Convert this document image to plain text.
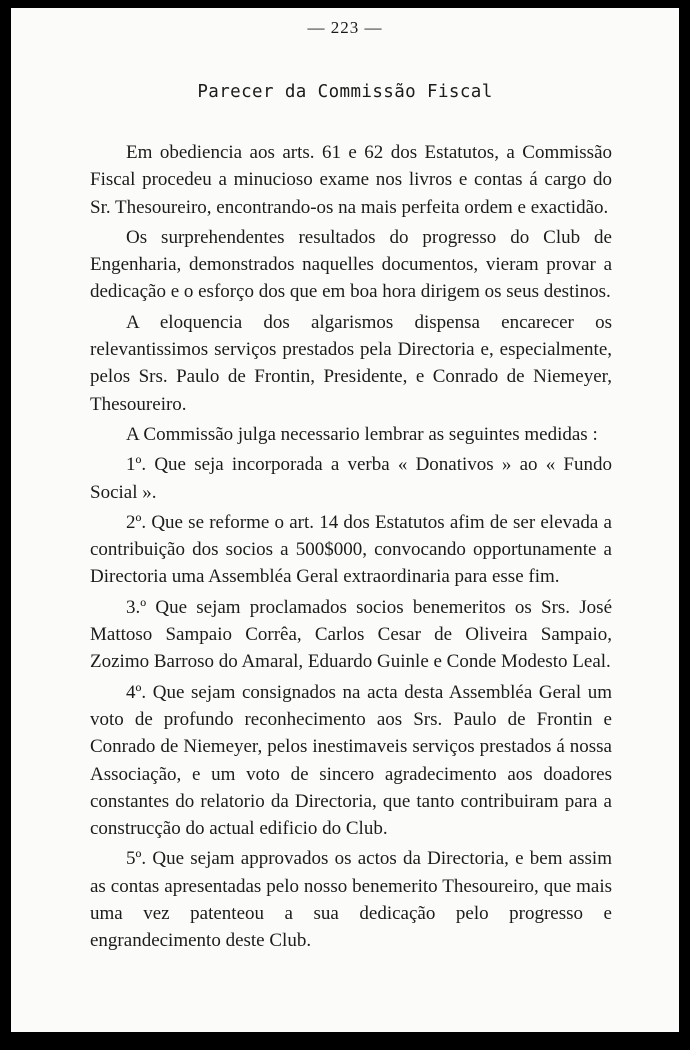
— 223 —
Parecer da Commissão Fiscal

Em obediencia aos arts. 61 e 62 dos Estatutos, a Commissão Fiscal procedeu a minucioso exame nos livros e contas á cargo do Sr. Thesoureiro, encontrando-os na mais perfeita ordem e exactidão.

Os surprehendentes resultados do progresso do Club de Engenharia, demonstrados naquelles documentos, vieram provar a dedicação e o esforço dos que em boa hora dirigem os seus destinos.

A eloquencia dos algarismos dispensa encarecer os relevantissimos serviços prestados pela Directoria e, especialmente, pelos Srs. Paulo de Frontin, Presidente, e Conrado de Niemeyer, Thesoureiro.

A Commissão julga necessario lembrar as seguintes medidas :

1º. Que seja incorporada a verba « Donativos » ao « Fundo Social ».

2º. Que se reforme o art. 14 dos Estatutos afim de ser elevada a contribuição dos socios a 500$000, convocando opportunamente a Directoria uma Assembléa Geral extraordinaria para esse fim.

3.º Que sejam proclamados socios benemeritos os Srs. José Mattoso Sampaio Corrêa, Carlos Cesar de Oliveira Sampaio, Zozimo Barroso do Amaral, Eduardo Guinle e Conde Modesto Leal.

4º. Que sejam consignados na acta desta Assembléa Geral um voto de profundo reconhecimento aos Srs. Paulo de Frontin e Conrado de Niemeyer, pelos inestimaveis serviços prestados á nossa Associação, e um voto de sincero agradecimento aos doadores constantes do relatorio da Directoria, que tanto contribuiram para a construcção do actual edificio do Club.

5º. Que sejam approvados os actos da Directoria, e bem assim as contas apresentadas pelo nosso benemerito Thesoureiro, que mais uma vez patenteou a sua dedicação pelo progresso e engrandecimento deste Club.
